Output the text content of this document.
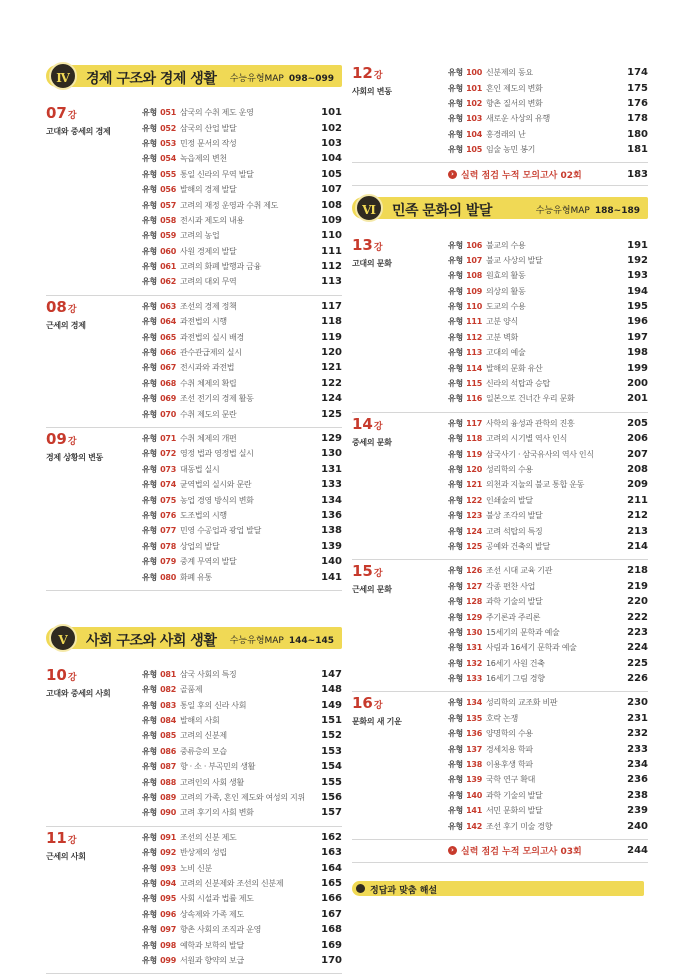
Ⅳ	경제 구조와 경제 생활 수능유형MAP 098~099
07강
고대와 중세의 경제
유형 051 삼국의 수취 제도 운영	101
유형 052 삼국의 산업 발달	102
유형 053 민정 문서의 작성	103
유형 054 녹읍제의 변천	104
유형 055 통일 신라의 무역 발달	105
유형 056 발해의 경제 발달	107
유형 057 고려의 재정 운영과 수취 제도	108
유형 058 전시과 제도의 내용	109
유형 059 고려의 농업	110
유형 060 사원 경제의 발달	111
유형 061 고려의 화폐 발행과 금융	112
유형 062 고려의 대외 무역	113
08강
근세의 경제
유형 063 조선의 경제 정책	117
유형 064 과전법의 시행	118
유형 065 과전법의 실시 배경	119
유형 066 관수관급제의 실시	120
유형 067 전시과와 과전법	121
유형 068 수취 체제의 확립	122
유형 069 조선 전기의 경제 활동	124
유형 070 수취 제도의 문란	125
09강
경제 상황의 변동
유형 071 수취 체제의 개편	129
유형 072 영정 법과 영정법 실시	130
유형 073 대동법 실시	131
유형 074 균역법의 실시와 문란	133
유형 075 농업 경영 방식의 변화	134
유형 076 도조법의 시행	136
유형 077 민영 수공업과 광업 발달	138
유형 078 상업의 발달	139
유형 079 중계 무역의 발달	140
유형 080 화폐 유통	141
Ⅴ	사회 구조와 사회 생활 수능유형MAP 144~145
10강
고대와 중세의 사회
유형 081 삼국 사회의 특징	147
유형 082 골품제	148
유형 083 통일 후의 신라 사회	149
유형 084 발해의 사회	151
유형 085 고려의 신분제	152
유형 086 중류층의 모습	153
유형 087 향 · 소 · 부곡민의 생활	154
유형 088 고려인의 사회 생활	155
유형 089 고려의 가족, 혼인 제도와 여성의 지위	156
유형 090 고려 후기의 사회 변화	157
11강
근세의 사회
유형 091 조선의 신분 제도	162
유형 092 반상제의 성립	163
유형 093 노비 신분	164
유형 094 고려의 신분제와 조선의 신분제	165
유형 095 사회 시설과 법률 제도	166
유형 096 상속제와 가족 제도	167
유형 097 향촌 사회의 조직과 운영	168
유형 098 예학과 보학의 발달	169
유형 099 서원과 향약의 보급	170
12강
사회의 변동
유형 100 신분제의 동요	174
유형 101 혼인 제도의 변화	175
유형 102 향촌 질서의 변화	176
유형 103 새로운 사상의 유행	178
유형 104 홍경래의 난	180
유형 105 임술 농민 봉기	181
› 실력 점검 누적 모의고사 02회	183
Ⅵ	민족 문화의 발달	수능유형MAP 188~189
13강
고대의 문화
유형 106 불교의 수용	191
유형 107 불교 사상의 발달	192
유형 108 원효의 활동	193
유형 109 의상의 활동	194
유형 110 도교의 수용	195
유형 111 고분 양식	196
유형 112 고분 벽화	197
유형 113 고대의 예술	198
유형 114 발해의 문화 유산	199
유형 115 신라의 석탑과 승탑	200
유형 116 일본으로 건너간 우리 문화	201
14강
중세의 문화
유형 117 사학의 융성과 관학의 진흥	205
유형 118 고려의 시기별 역사 인식	206
유형 119 삼국사기 · 삼국유사의 역사 인식	207
유형 120 성리학의 수용	208
유형 121 의천과 지눌의 불교 통합 운동	209
유형 122 인쇄술의 발달	211
유형 123 불상 조각의 발달	212
유형 124 고려 석탑의 특징	213
유형 125 공예와 건축의 발달	214
15강
근세의 문화
유형 126 조선 시대 교육 기관	218
유형 127 각종 편찬 사업	219
유형 128 과학 기술의 발달	220
유형 129 주기론과 주리론	222
유형 130 15세기의 문학과 예술	223
유형 131 사림과 16세기 문학과 예술	224
유형 132 16세기 사원 건축	225
유형 133 16세기 그림 경향	226
16강
문화의 새 기운
유형 134 성리학의 교조화 비판	230
유형 135 호락 논쟁	231
유형 136 양명학의 수용	232
유형 137 경세치용 학파	233
유형 138 이용후생 학파	234
유형 139 국학 연구 확대	236
유형 140 과학 기술의 발달	238
유형 141 서민 문화의 발달	239
유형 142 조선 후기 미술 경향	240
› 실력 점검 누적 모의고사 03회	244
정답과 맞춤 해설
